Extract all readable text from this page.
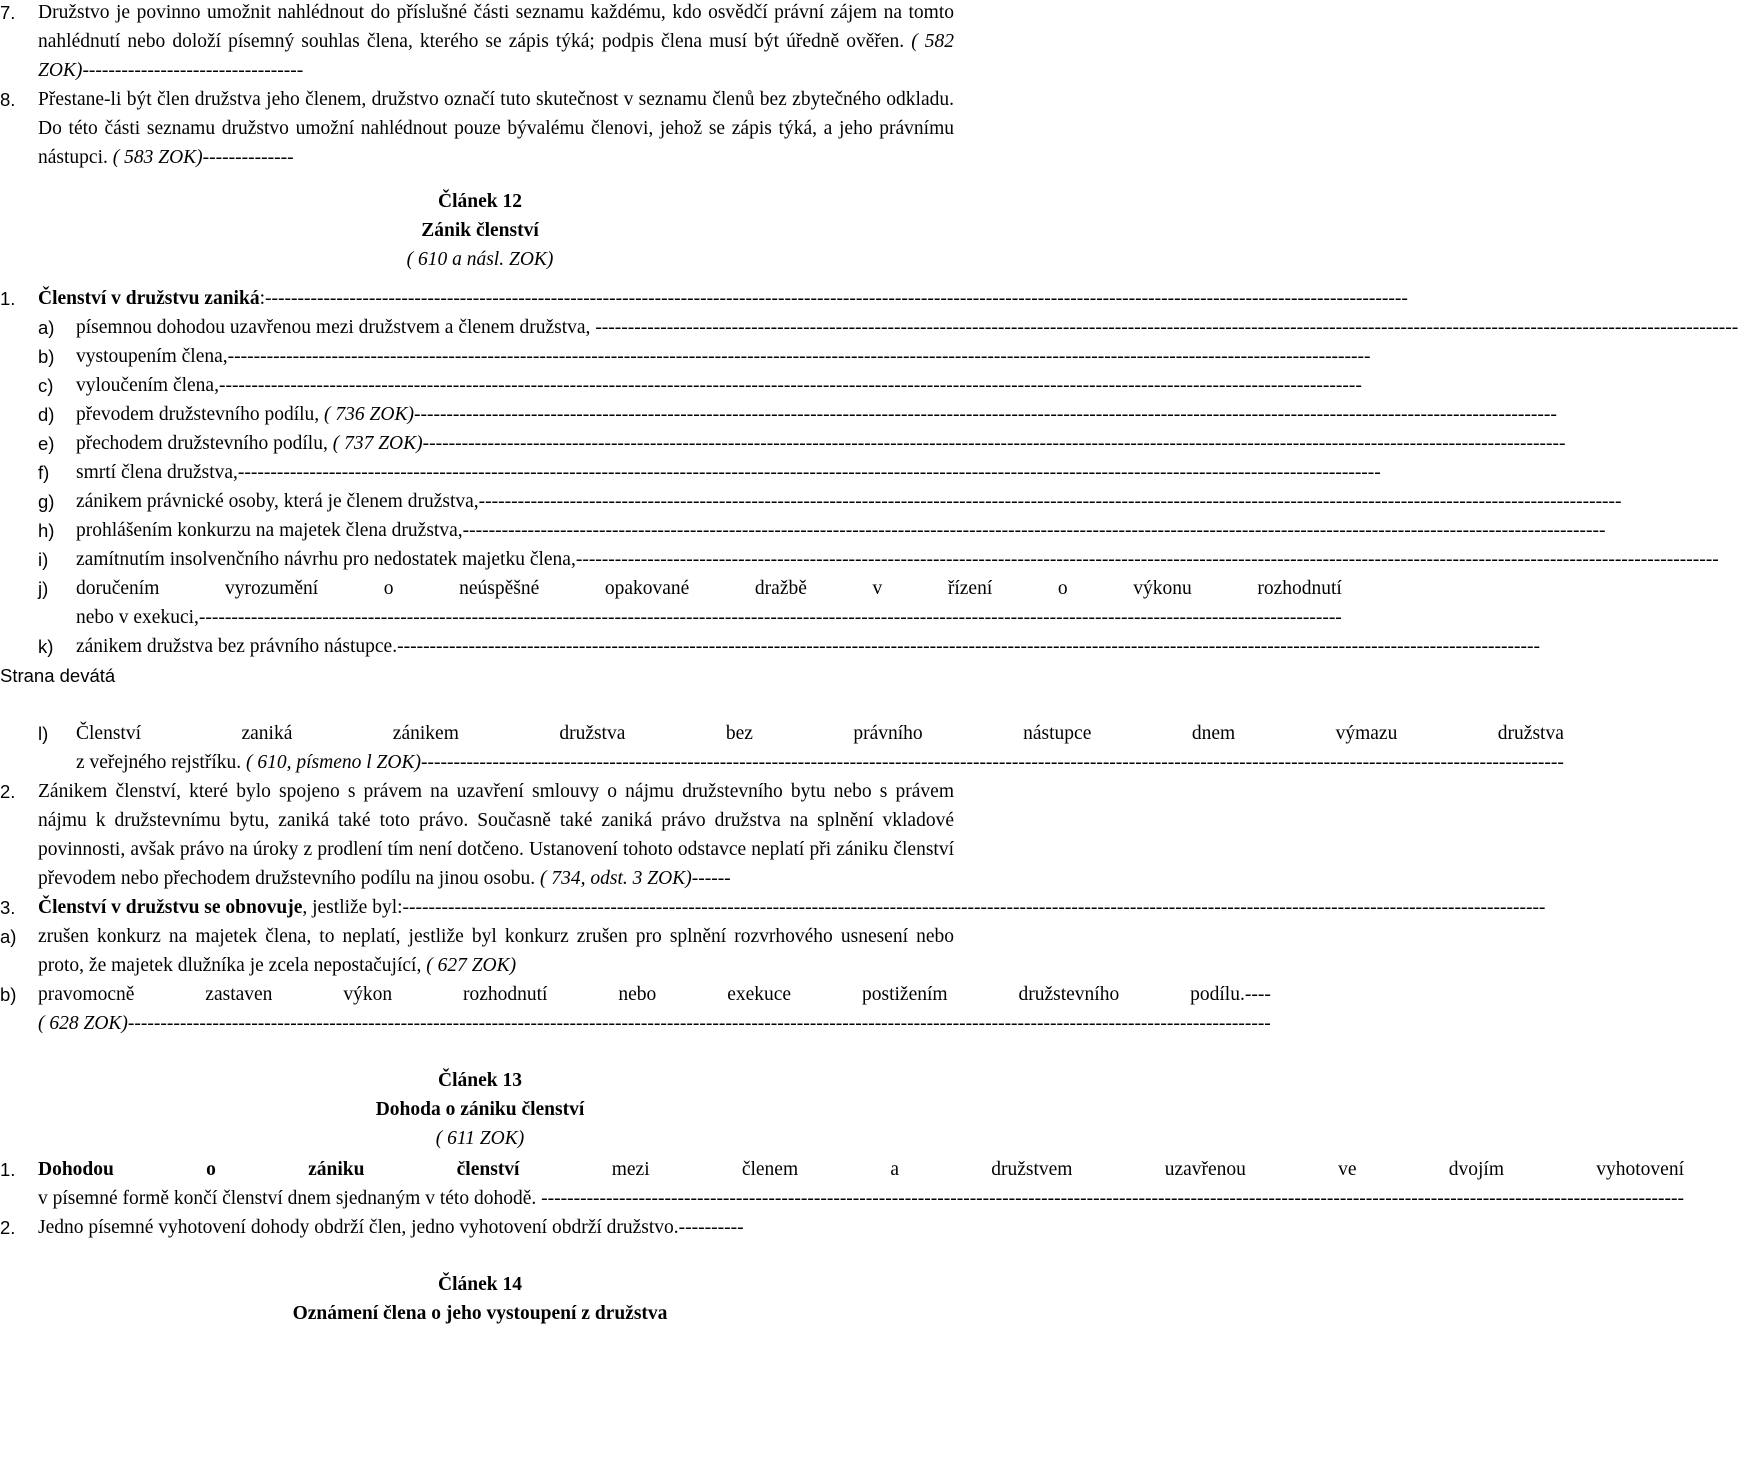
7.	Družstvo je povinno umožnit nahlédnout do příslušné části seznamu každému, kdo osvědčí právní zájem na tomto nahlédnutí nebo doloží písemný souhlas člena, kterého se zápis týká; podpis člena musí být úředně ověřen. ( 582 ZOK)----------------------------------
8.	Přestane-li být člen družstva jeho členem, družstvo označí tuto skutečnost v seznamu členů bez zbytečného odkladu. Do této části seznamu družstvo umožní nahlédnout pouze bývalému členovi, jehož se zápis týká, a jeho právnímu nástupci. ( 583 ZOK)--------------
Článek 12
Zánik členství
( 610 a násl. ZOK)
1.	Členství v družstvu zaniká : --------------------------------------------------------------------------------------------------------------------------------------------------------------------------------
a)	písemnou dohodou uzavřenou mezi družstvem a členem družstva, --------------------------------------------------------------------------------------------------------------------------------------------------------------------------------
b)	vystoupením člena, --------------------------------------------------------------------------------------------------------------------------------------------------------------------------------
c)	vyloučením člena, --------------------------------------------------------------------------------------------------------------------------------------------------------------------------------
d)	převodem družstevního podílu, ( 736 ZOK) --------------------------------------------------------------------------------------------------------------------------------------------------------------------------------
e)	přechodem družstevního podílu, ( 737 ZOK) --------------------------------------------------------------------------------------------------------------------------------------------------------------------------------
f)	smrtí člena družstva, --------------------------------------------------------------------------------------------------------------------------------------------------------------------------------
g)	zánikem právnické osoby, která je členem družstva, --------------------------------------------------------------------------------------------------------------------------------------------------------------------------------
h)	prohlášením konkurzu na majetek člena družstva, --------------------------------------------------------------------------------------------------------------------------------------------------------------------------------
i)	zamítnutím insolvenčního návrhu pro nedostatek majetku člena, --------------------------------------------------------------------------------------------------------------------------------------------------------------------------------
j)	doručením vyrozumění o neúspěšné opakované dražbě v řízení o výkonu rozhodnutí
nebo v exekuci, --------------------------------------------------------------------------------------------------------------------------------------------------------------------------------
k)	zánikem družstva bez právního nástupce. --------------------------------------------------------------------------------------------------------------------------------------------------------------------------------
Strana devátá
l)	Členství zaniká zánikem družstva bez právního nástupce dnem výmazu družstva
z veřejného rejstříku. ( 610, písmeno l ZOK) --------------------------------------------------------------------------------------------------------------------------------------------------------------------------------
2.	Zánikem členství, které bylo spojeno s právem na uzavření smlouvy o nájmu družstevního bytu nebo s právem nájmu k družstevnímu bytu, zaniká také toto právo. Současně také zaniká právo družstva na splnění vkladové povinnosti, avšak právo na úroky z prodlení tím není dotčeno. Ustanovení tohoto odstavce neplatí při zániku členství převodem nebo přechodem družstevního podílu na jinou osobu. ( 734, odst. 3 ZOK)------
3.	Členství v družstvu se obnovuje , jestliže byl: --------------------------------------------------------------------------------------------------------------------------------------------------------------------------------
a)	zrušen konkurz na majetek člena, to neplatí, jestliže byl konkurz zrušen pro splnění rozvrhového usnesení nebo proto, že majetek dlužníka je zcela nepostačující, ( 627 ZOK)
b)	pravomocně zastaven výkon rozhodnutí nebo exekuce postižením družstevního podílu.----
( 628 ZOK) --------------------------------------------------------------------------------------------------------------------------------------------------------------------------------
Článek 13
Dohoda o zániku členství
( 611 ZOK)
1.	Dohodou o zániku členství mezi členem a družstvem uzavřenou ve dvojím vyhotovení
v písemné formě končí členství dnem sjednaným v této dohodě. --------------------------------------------------------------------------------------------------------------------------------------------------------------------------------
2.	Jedno písemné vyhotovení dohody obdrží člen, jedno vyhotovení obdrží družstvo.----------
Článek 14
Oznámení člena o jeho vystoupení z družstva
